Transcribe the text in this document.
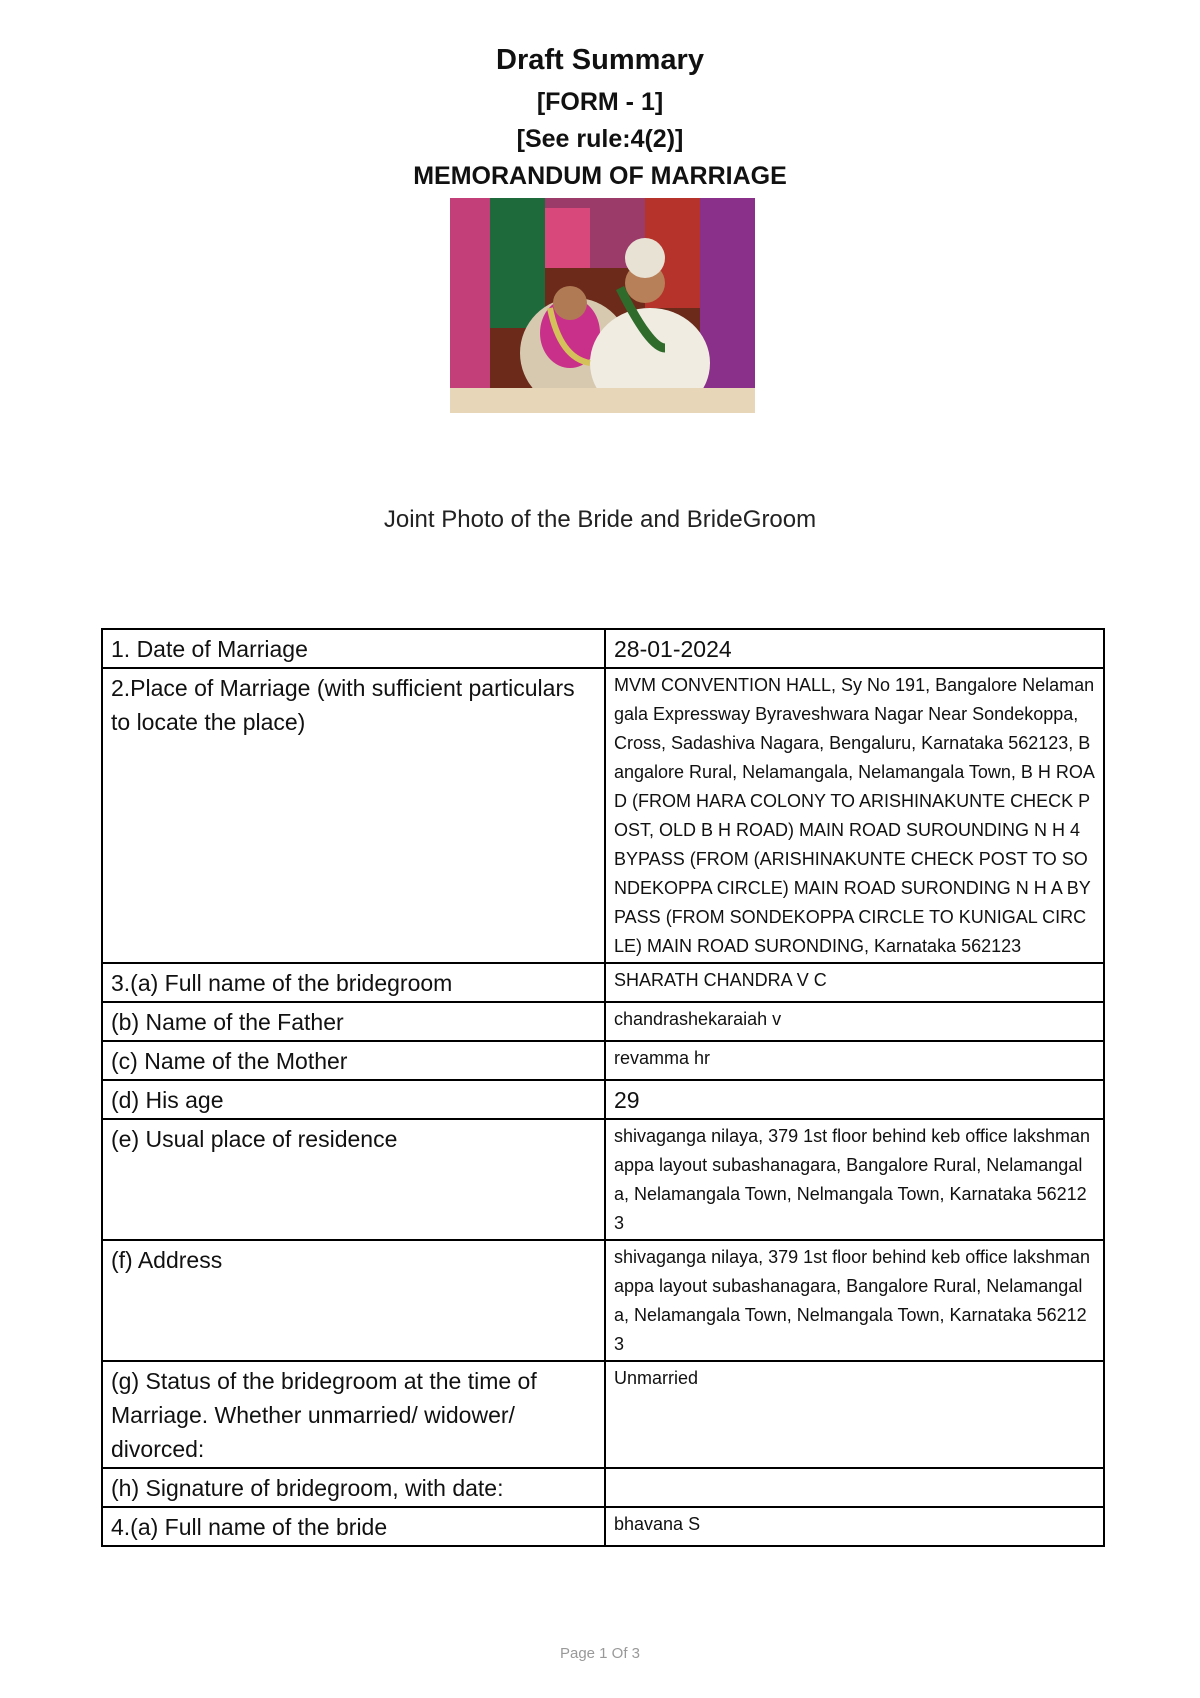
Draft Summary
[FORM - 1]
[See rule:4(2)]
MEMORANDUM OF MARRIAGE
Joint Photo of the Bride and BrideGroom
1. Date of Marriage	28-01-2024
2.Place of Marriage (with sufficient particulars to locate the place)	MVM CONVENTION HALL, Sy No 191, Bangalore Nelamangala Expressway Byraveshwara Nagar Near Sondekoppa, Cross, Sadashiva Nagara, Bengaluru, Karnataka 562123, Bangalore Rural, Nelamangala, Nelamangala Town, B H ROAD (FROM HARA COLONY TO ARISHINAKUNTE CHECK POST, OLD B H ROAD) MAIN ROAD SUROUNDING N H 4 BYPASS (FROM (ARISHINAKUNTE CHECK POST TO SONDEKOPPA CIRCLE) MAIN ROAD SURONDING N H A BYPASS (FROM SONDEKOPPA CIRCLE TO KUNIGAL CIRCLE) MAIN ROAD SURONDING, Karnataka 562123
3.(a) Full name of the bridegroom	SHARATH CHANDRA V C
(b) Name of the Father	chandrashekaraiah v
(c) Name of the Mother	revamma hr
(d) His age	29
(e) Usual place of residence	shivaganga nilaya, 379 1st floor behind keb office lakshmanappa layout subashanagara, Bangalore Rural, Nelamangala, Nelamangala Town, Nelmangala Town, Karnataka 562123
(f) Address	shivaganga nilaya, 379 1st floor behind keb office lakshmanappa layout subashanagara, Bangalore Rural, Nelamangala, Nelamangala Town, Nelmangala Town, Karnataka 562123
(g) Status of the bridegroom at the time of Marriage. Whether unmarried/ widower/ divorced:	Unmarried
(h) Signature of bridegroom, with date:	
4.(a) Full name of the bride	bhavana S
Page 1 Of 3
